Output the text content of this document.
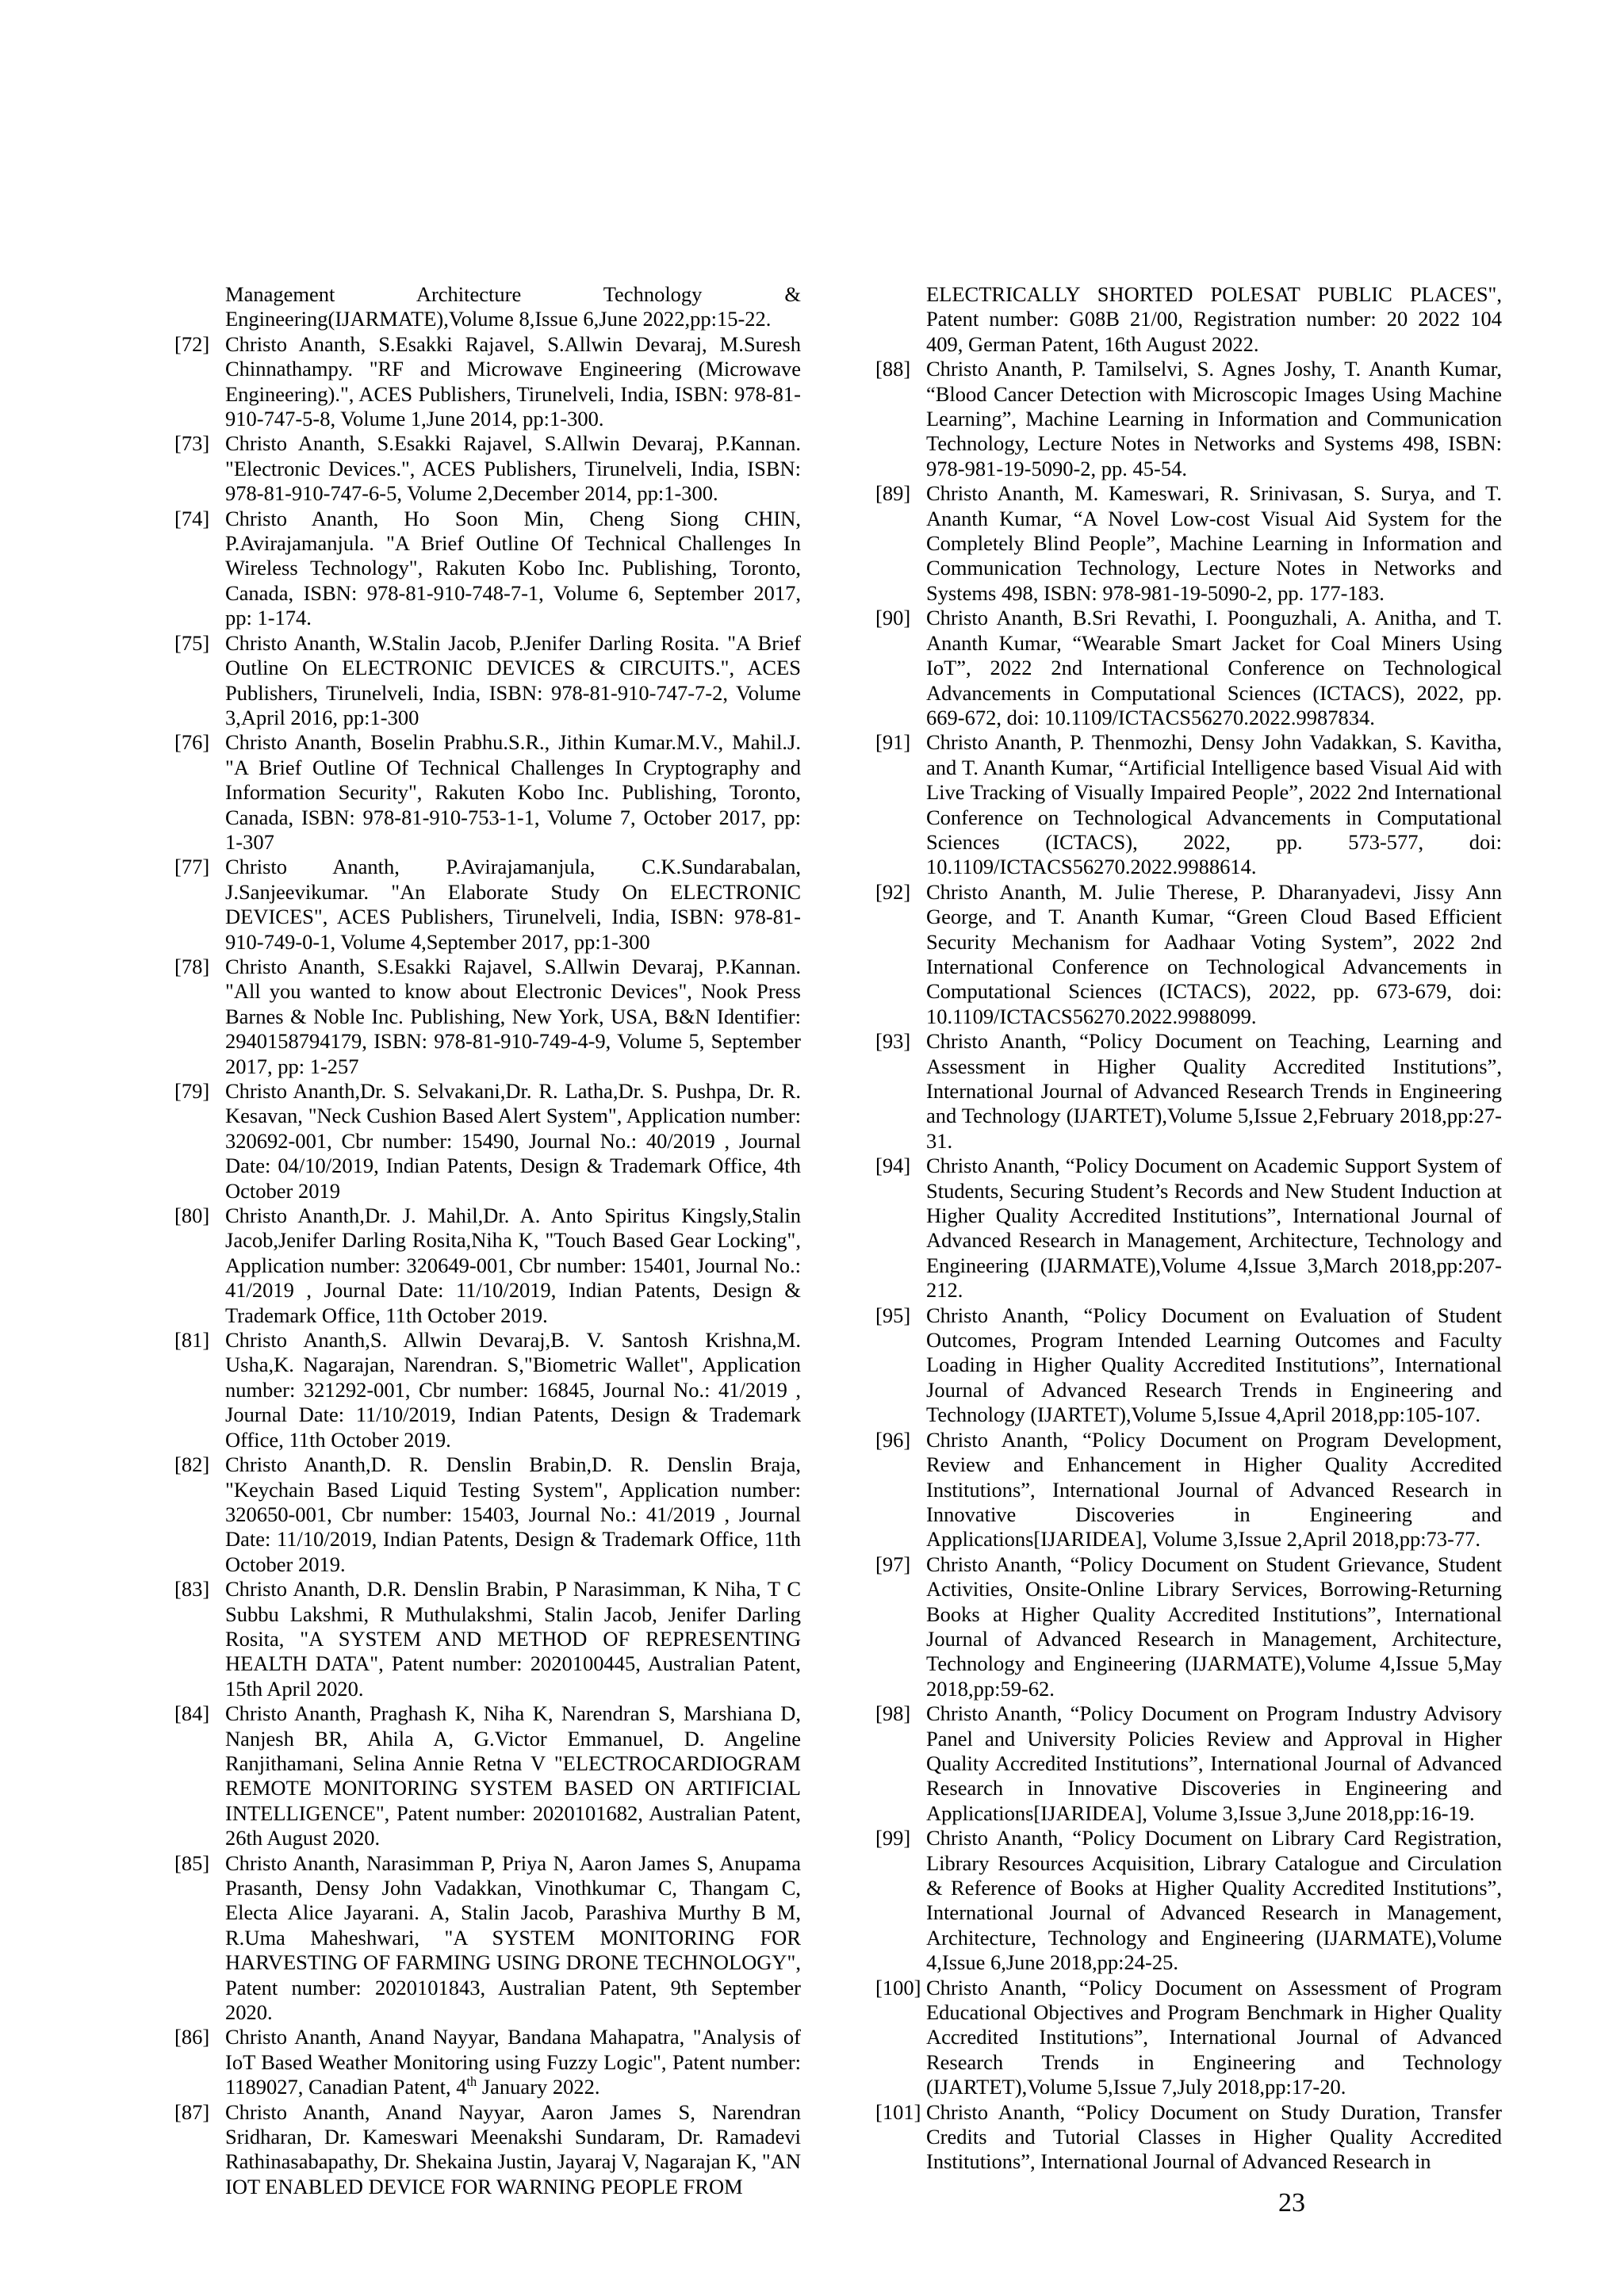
Management Architecture Technology & Engineering(IJARMATE),Volume 8,Issue 6,June 2022,pp:15-22.
[72] Christo Ananth, S.Esakki Rajavel, S.Allwin Devaraj, M.Suresh Chinnathampy. "RF and Microwave Engineering (Microwave Engineering).", ACES Publishers, Tirunelveli, India, ISBN: 978-81-910-747-5-8, Volume 1,June 2014, pp:1-300.
[73] Christo Ananth, S.Esakki Rajavel, S.Allwin Devaraj, P.Kannan. "Electronic Devices.", ACES Publishers, Tirunelveli, India, ISBN: 978-81-910-747-6-5, Volume 2,December 2014, pp:1-300.
[74] Christo Ananth, Ho Soon Min, Cheng Siong CHIN, P.Avirajamanjula. "A Brief Outline Of Technical Challenges In Wireless Technology", Rakuten Kobo Inc. Publishing, Toronto, Canada, ISBN: 978-81-910-748-7-1, Volume 6, September 2017, pp: 1-174.
[75] Christo Ananth, W.Stalin Jacob, P.Jenifer Darling Rosita. "A Brief Outline On ELECTRONIC DEVICES & CIRCUITS.", ACES Publishers, Tirunelveli, India, ISBN: 978-81-910-747-7-2, Volume 3,April 2016, pp:1-300
[76] Christo Ananth, Boselin Prabhu.S.R., Jithin Kumar.M.V., Mahil.J. "A Brief Outline Of Technical Challenges In Cryptography and Information Security", Rakuten Kobo Inc. Publishing, Toronto, Canada, ISBN: 978-81-910-753-1-1, Volume 7, October 2017, pp: 1-307
[77] Christo Ananth, P.Avirajamanjula, C.K.Sundarabalan, J.Sanjeevikumar. "An Elaborate Study On ELECTRONIC DEVICES", ACES Publishers, Tirunelveli, India, ISBN: 978-81-910-749-0-1, Volume 4,September 2017, pp:1-300
[78] Christo Ananth, S.Esakki Rajavel, S.Allwin Devaraj, P.Kannan. "All you wanted to know about Electronic Devices", Nook Press Barnes & Noble Inc. Publishing, New York, USA, B&N Identifier: 2940158794179, ISBN: 978-81-910-749-4-9, Volume 5, September 2017, pp: 1-257
[79] Christo Ananth,Dr. S. Selvakani,Dr. R. Latha,Dr. S. Pushpa, Dr. R. Kesavan, "Neck Cushion Based Alert System", Application number: 320692-001, Cbr number: 15490, Journal No.: 40/2019 , Journal Date: 04/10/2019, Indian Patents, Design & Trademark Office, 4th October 2019
[80] Christo Ananth,Dr. J. Mahil,Dr. A. Anto Spiritus Kingsly,Stalin Jacob,Jenifer Darling Rosita,Niha K, "Touch Based Gear Locking", Application number: 320649-001, Cbr number: 15401, Journal No.: 41/2019 , Journal Date: 11/10/2019, Indian Patents, Design & Trademark Office, 11th October 2019.
[81] Christo Ananth,S. Allwin Devaraj,B. V. Santosh Krishna,M. Usha,K. Nagarajan, Narendran. S,"Biometric Wallet", Application number: 321292-001, Cbr number: 16845, Journal No.: 41/2019 , Journal Date: 11/10/2019, Indian Patents, Design & Trademark Office, 11th October 2019.
[82] Christo Ananth,D. R. Denslin Brabin,D. R. Denslin Braja, "Keychain Based Liquid Testing System", Application number: 320650-001, Cbr number: 15403, Journal No.: 41/2019 , Journal Date: 11/10/2019, Indian Patents, Design & Trademark Office, 11th October 2019.
[83] Christo Ananth, D.R. Denslin Brabin, P Narasimman, K Niha, T C Subbu Lakshmi, R Muthulakshmi, Stalin Jacob, Jenifer Darling Rosita, "A SYSTEM AND METHOD OF REPRESENTING HEALTH DATA", Patent number: 2020100445, Australian Patent, 15th April 2020.
[84] Christo Ananth, Praghash K, Niha K, Narendran S, Marshiana D, Nanjesh BR, Ahila A, G.Victor Emmanuel, D. Angeline Ranjithamani, Selina Annie Retna V "ELECTROCARDIOGRAM REMOTE MONITORING SYSTEM BASED ON ARTIFICIAL INTELLIGENCE", Patent number: 2020101682, Australian Patent, 26th August 2020.
[85] Christo Ananth, Narasimman P, Priya N, Aaron James S, Anupama Prasanth, Densy John Vadakkan, Vinothkumar C, Thangam C, Electa Alice Jayarani. A, Stalin Jacob, Parashiva Murthy B M, R.Uma Maheshwari, "A SYSTEM MONITORING FOR HARVESTING OF FARMING USING DRONE TECHNOLOGY", Patent number: 2020101843, Australian Patent, 9th September 2020.
[86] Christo Ananth, Anand Nayyar, Bandana Mahapatra, "Analysis of IoT Based Weather Monitoring using Fuzzy Logic", Patent number: 1189027, Canadian Patent, 4th January 2022.
[87] Christo Ananth, Anand Nayyar, Aaron James S, Narendran Sridharan, Dr. Kameswari Meenakshi Sundaram, Dr. Ramadevi Rathinasabapathy, Dr. Shekaina Justin, Jayaraj V, Nagarajan K, "AN IOT ENABLED DEVICE FOR WARNING PEOPLE FROM
ELECTRICALLY SHORTED POLESAT PUBLIC PLACES", Patent number: G08B 21/00, Registration number: 20 2022 104 409, German Patent, 16th August 2022.
[88] Christo Ananth, P. Tamilselvi, S. Agnes Joshy, T. Ananth Kumar, “Blood Cancer Detection with Microscopic Images Using Machine Learning”, Machine Learning in Information and Communication Technology, Lecture Notes in Networks and Systems 498, ISBN: 978-981-19-5090-2, pp. 45-54.
[89] Christo Ananth, M. Kameswari, R. Srinivasan, S. Surya, and T. Ananth Kumar, “A Novel Low-cost Visual Aid System for the Completely Blind People”, Machine Learning in Information and Communication Technology, Lecture Notes in Networks and Systems 498, ISBN: 978-981-19-5090-2, pp. 177-183.
[90] Christo Ananth, B.Sri Revathi, I. Poonguzhali, A. Anitha, and T. Ananth Kumar, “Wearable Smart Jacket for Coal Miners Using IoT”, 2022 2nd International Conference on Technological Advancements in Computational Sciences (ICTACS), 2022, pp. 669-672, doi: 10.1109/ICTACS56270.2022.9987834.
[91] Christo Ananth, P. Thenmozhi, Densy John Vadakkan, S. Kavitha, and T. Ananth Kumar, “Artificial Intelligence based Visual Aid with Live Tracking of Visually Impaired People”, 2022 2nd International Conference on Technological Advancements in Computational Sciences (ICTACS), 2022, pp. 573-577, doi: 10.1109/ICTACS56270.2022.9988614.
[92] Christo Ananth, M. Julie Therese, P. Dharanyadevi, Jissy Ann George, and T. Ananth Kumar, “Green Cloud Based Efficient Security Mechanism for Aadhaar Voting System”, 2022 2nd International Conference on Technological Advancements in Computational Sciences (ICTACS), 2022, pp. 673-679, doi: 10.1109/ICTACS56270.2022.9988099.
[93] Christo Ananth, “Policy Document on Teaching, Learning and Assessment in Higher Quality Accredited Institutions”, International Journal of Advanced Research Trends in Engineering and Technology (IJARTET),Volume 5,Issue 2,February 2018,pp:27-31.
[94] Christo Ananth, “Policy Document on Academic Support System of Students, Securing Student’s Records and New Student Induction at Higher Quality Accredited Institutions”, International Journal of Advanced Research in Management, Architecture, Technology and Engineering (IJARMATE),Volume 4,Issue 3,March 2018,pp:207-212.
[95] Christo Ananth, “Policy Document on Evaluation of Student Outcomes, Program Intended Learning Outcomes and Faculty Loading in Higher Quality Accredited Institutions”, International Journal of Advanced Research Trends in Engineering and Technology (IJARTET),Volume 5,Issue 4,April 2018,pp:105-107.
[96] Christo Ananth, “Policy Document on Program Development, Review and Enhancement in Higher Quality Accredited Institutions”, International Journal of Advanced Research in Innovative Discoveries in Engineering and Applications[IJARIDEA], Volume 3,Issue 2,April 2018,pp:73-77.
[97] Christo Ananth, “Policy Document on Student Grievance, Student Activities, Onsite-Online Library Services, Borrowing-Returning Books at Higher Quality Accredited Institutions”, International Journal of Advanced Research in Management, Architecture, Technology and Engineering (IJARMATE),Volume 4,Issue 5,May 2018,pp:59-62.
[98] Christo Ananth, “Policy Document on Program Industry Advisory Panel and University Policies Review and Approval in Higher Quality Accredited Institutions”, International Journal of Advanced Research in Innovative Discoveries in Engineering and Applications[IJARIDEA], Volume 3,Issue 3,June 2018,pp:16-19.
[99] Christo Ananth, “Policy Document on Library Card Registration, Library Resources Acquisition, Library Catalogue and Circulation & Reference of Books at Higher Quality Accredited Institutions”, International Journal of Advanced Research in Management, Architecture, Technology and Engineering (IJARMATE),Volume 4,Issue 6,June 2018,pp:24-25.
[100] Christo Ananth, “Policy Document on Assessment of Program Educational Objectives and Program Benchmark in Higher Quality Accredited Institutions”, International Journal of Advanced Research Trends in Engineering and Technology (IJARTET),Volume 5,Issue 7,July 2018,pp:17-20.
[101] Christo Ananth, “Policy Document on Study Duration, Transfer Credits and Tutorial Classes in Higher Quality Accredited Institutions”, International Journal of Advanced Research in
23
